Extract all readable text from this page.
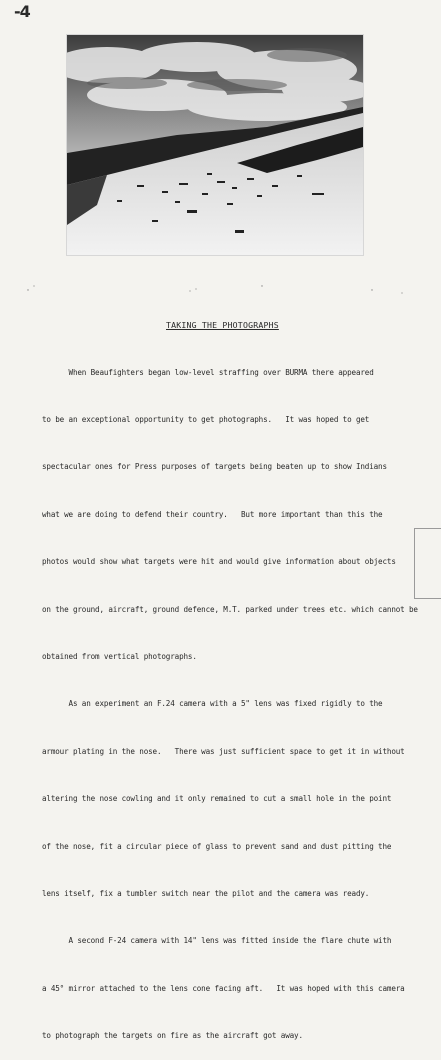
-4
TAKING THE PHOTOGRAPHS

When Beaufighters began low-level straffing over BURMA there appeared

to be an exceptional opportunity to get photographs.   It was hoped to get

spectacular ones for Press purposes of targets being beaten up to show Indians

what we are doing to defend their country.   But more important than this the

photos would show what targets were hit and would give information about objects

on the ground, aircraft, ground defence, M.T. parked under trees etc. which cannot be

obtained from vertical photographs.

As an experiment an F.24 camera with a 5" lens was fixed rigidly to the

armour plating in the nose.   There was just sufficient space to get it in without

altering the nose cowling and it only remained to cut a small hole in the point

of the nose, fit a circular piece of glass to prevent sand and dust pitting the

lens itself, fix a tumbler switch near the pilot and the camera was ready.

A second F-24 camera with 14" lens was fitted inside the flare chute with

a 45° mirror attached to the lens cone facing aft.   It was hoped with this camera

to photograph the targets on fire as the aircraft got away.
